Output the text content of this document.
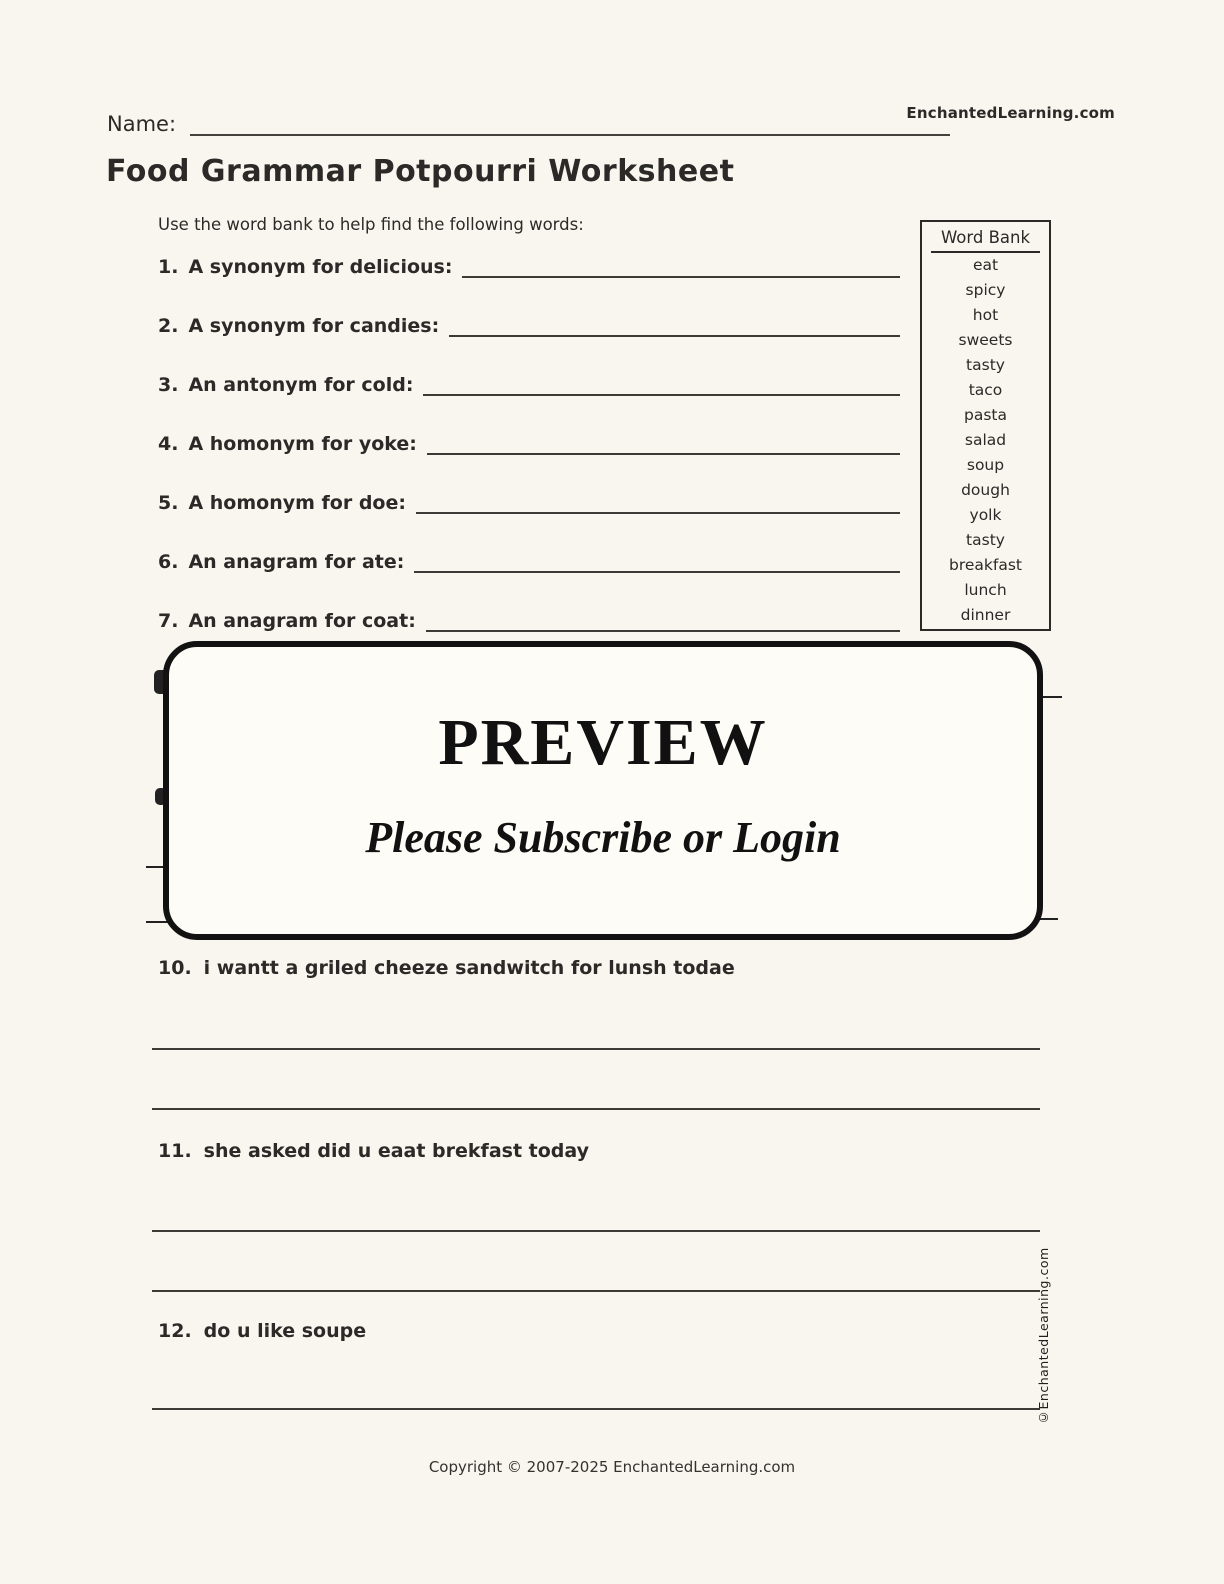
Name:	EnchantedLearning.com
Food Grammar Potpourri Worksheet
Use the word bank to help find the following words:
1. A synonym for delicious:
2. A synonym for candies:
3. An antonym for cold:
4. A homonym for yoke:
5. A homonym for doe:
6. An anagram for ate:
7. An anagram for coat:
Word Bank
eat
spicy
hot
sweets
tasty
taco
pasta
salad
soup
dough
yolk
tasty
breakfast
lunch
dinner
PREVIEW
Please Subscribe or Login
10. i wantt a griled cheeze sandwitch for lunsh todae
11. she asked did u eaat brekfast today
12. do u like soupe	©EnchantedLearning.com
Copyright © 2007-2025 EnchantedLearning.com
